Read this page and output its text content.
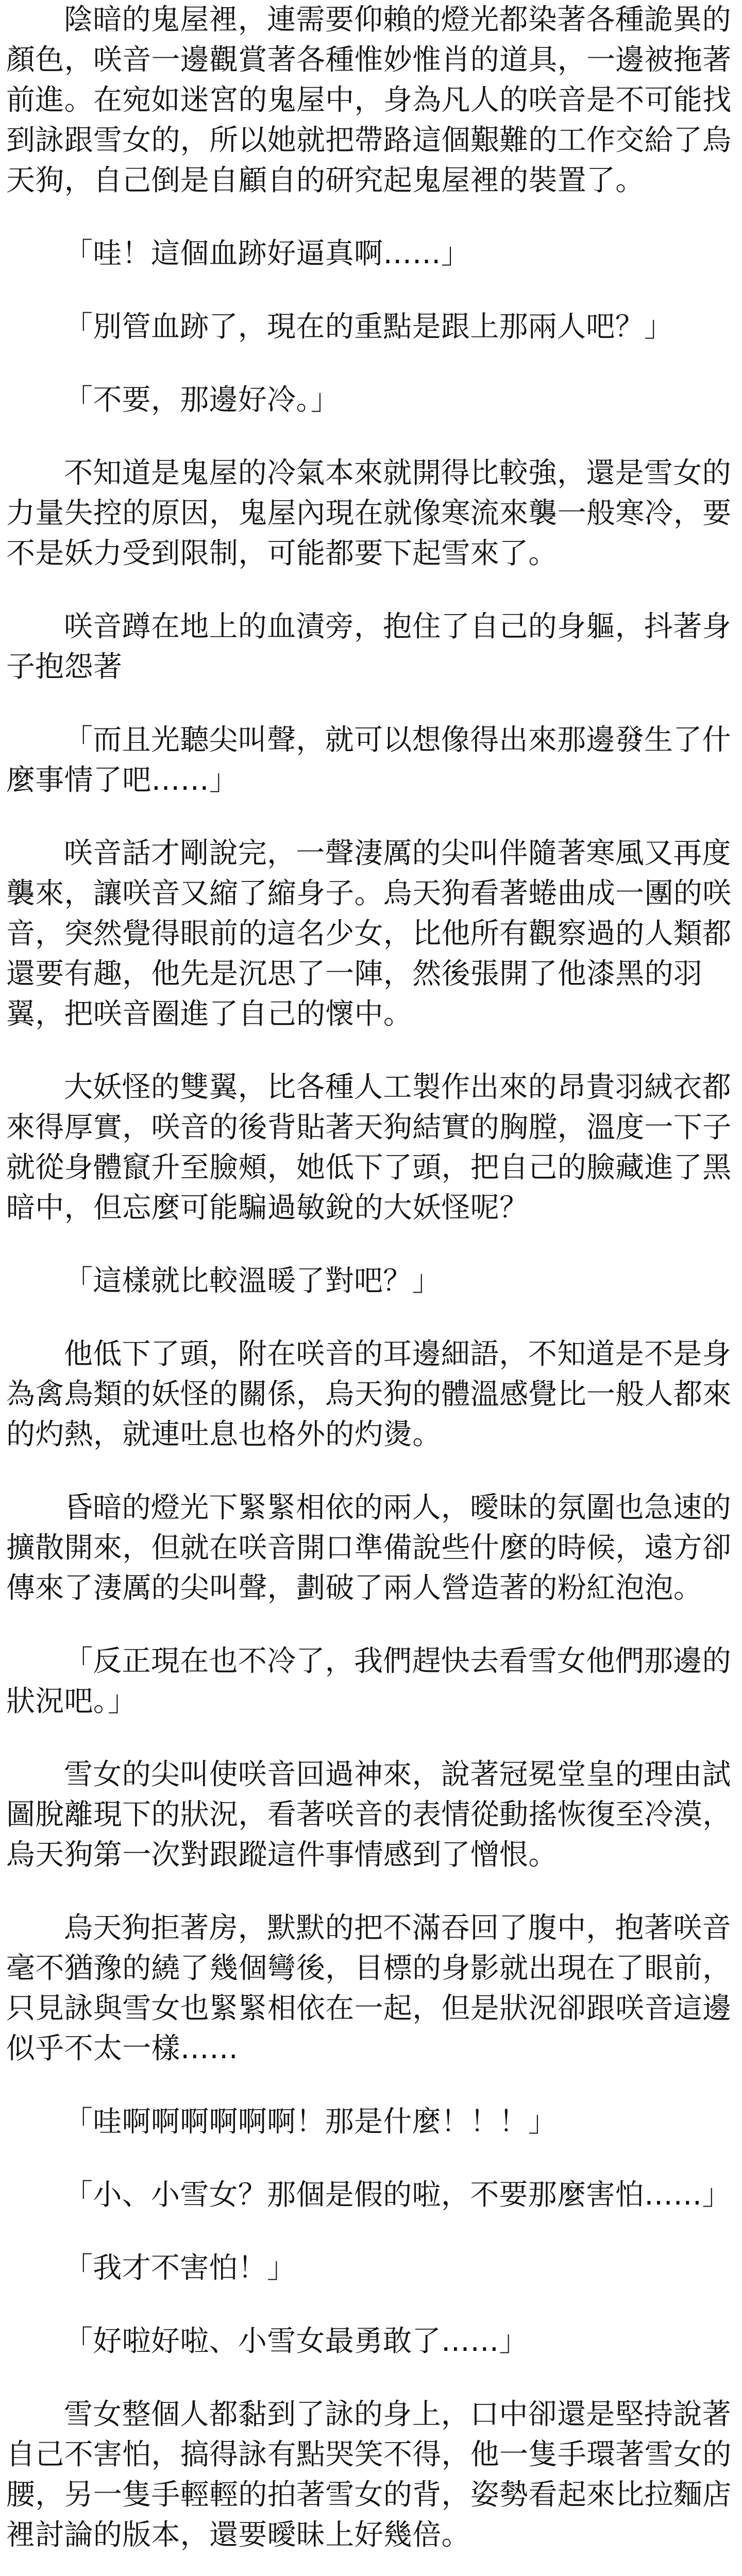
陰暗的鬼屋裡，連需要仰賴的燈光都染著各種詭異的顏色，咲音一邊觀賞著各種惟妙惟肖的道具，一邊被拖著前進。在宛如迷宮的鬼屋中，身為凡人的咲音是不可能找到詠跟雪女的，所以她就把帶路這個艱難的工作交給了烏天狗，自己倒是自顧自的研究起鬼屋裡的裝置了。

「哇！這個血跡好逼真啊……」

「別管血跡了，現在的重點是跟上那兩人吧？」

「不要，那邊好冷。」

不知道是鬼屋的冷氣本來就開得比較強，還是雪女的力量失控的原因，鬼屋內現在就像寒流來襲一般寒冷，要不是妖力受到限制，可能都要下起雪來了。

咲音蹲在地上的血漬旁，抱住了自己的身軀，抖著身子抱怨著

「而且光聽尖叫聲，就可以想像得出來那邊發生了什麼事情了吧……」

咲音話才剛說完，一聲淒厲的尖叫伴隨著寒風又再度襲來，讓咲音又縮了縮身子。烏天狗看著蜷曲成一團的咲音，突然覺得眼前的這名少女，比他所有觀察過的人類都還要有趣，他先是沉思了一陣，然後張開了他漆黑的羽翼，把咲音圈進了自己的懷中。

大妖怪的雙翼，比各種人工製作出來的昂貴羽絨衣都來得厚實，咲音的後背貼著天狗結實的胸膛，溫度一下子就從身體竄升至臉頰，她低下了頭，把自己的臉藏進了黑暗中，但忘麼可能騙過敏銳的大妖怪呢？

「這樣就比較溫暖了對吧？」

他低下了頭，附在咲音的耳邊細語，不知道是不是身為禽鳥類的妖怪的關係，烏天狗的體溫感覺比一般人都來的灼熱，就連吐息也格外的灼燙。

昏暗的燈光下緊緊相依的兩人，曖昧的氛圍也急速的擴散開來，但就在咲音開口準備說些什麼的時候，遠方卻傳來了淒厲的尖叫聲，劃破了兩人營造著的粉紅泡泡。

「反正現在也不冷了，我們趕快去看雪女他們那邊的狀況吧。」

雪女的尖叫使咲音回過神來，說著冠冕堂皇的理由試圖脫離現下的狀況，看著咲音的表情從動搖恢復至冷漠，烏天狗第一次對跟蹤這件事情感到了憎恨。

烏天狗拒著房，默默的把不滿吞回了腹中，抱著咲音毫不猶豫的繞了幾個彎後，目標的身影就出現在了眼前，只見詠與雪女也緊緊相依在一起，但是狀況卻跟咲音這邊似乎不太一樣……

「哇啊啊啊啊啊啊！那是什麼！！！」

「小、小雪女？那個是假的啦，不要那麼害怕……」

「我才不害怕！」

「好啦好啦、小雪女最勇敢了……」

雪女整個人都黏到了詠的身上，口中卻還是堅持說著自己不害怕，搞得詠有點哭笑不得，他一隻手環著雪女的腰，另一隻手輕輕的拍著雪女的背，姿勢看起來比拉麵店裡討論的版本，還要曖昧上好幾倍。
